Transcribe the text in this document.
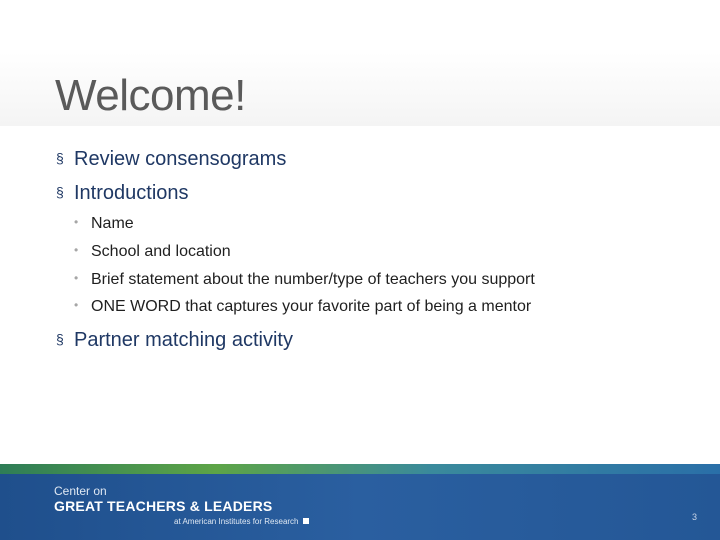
Welcome!
§ Review consensograms
§ Introductions
• Name
• School and location
• Brief statement about the number/type of teachers you support
• ONE WORD that captures your favorite part of being a mentor
§ Partner matching activity
Center on
GREAT TEACHERS & LEADERS
at American Institutes for Research	3
